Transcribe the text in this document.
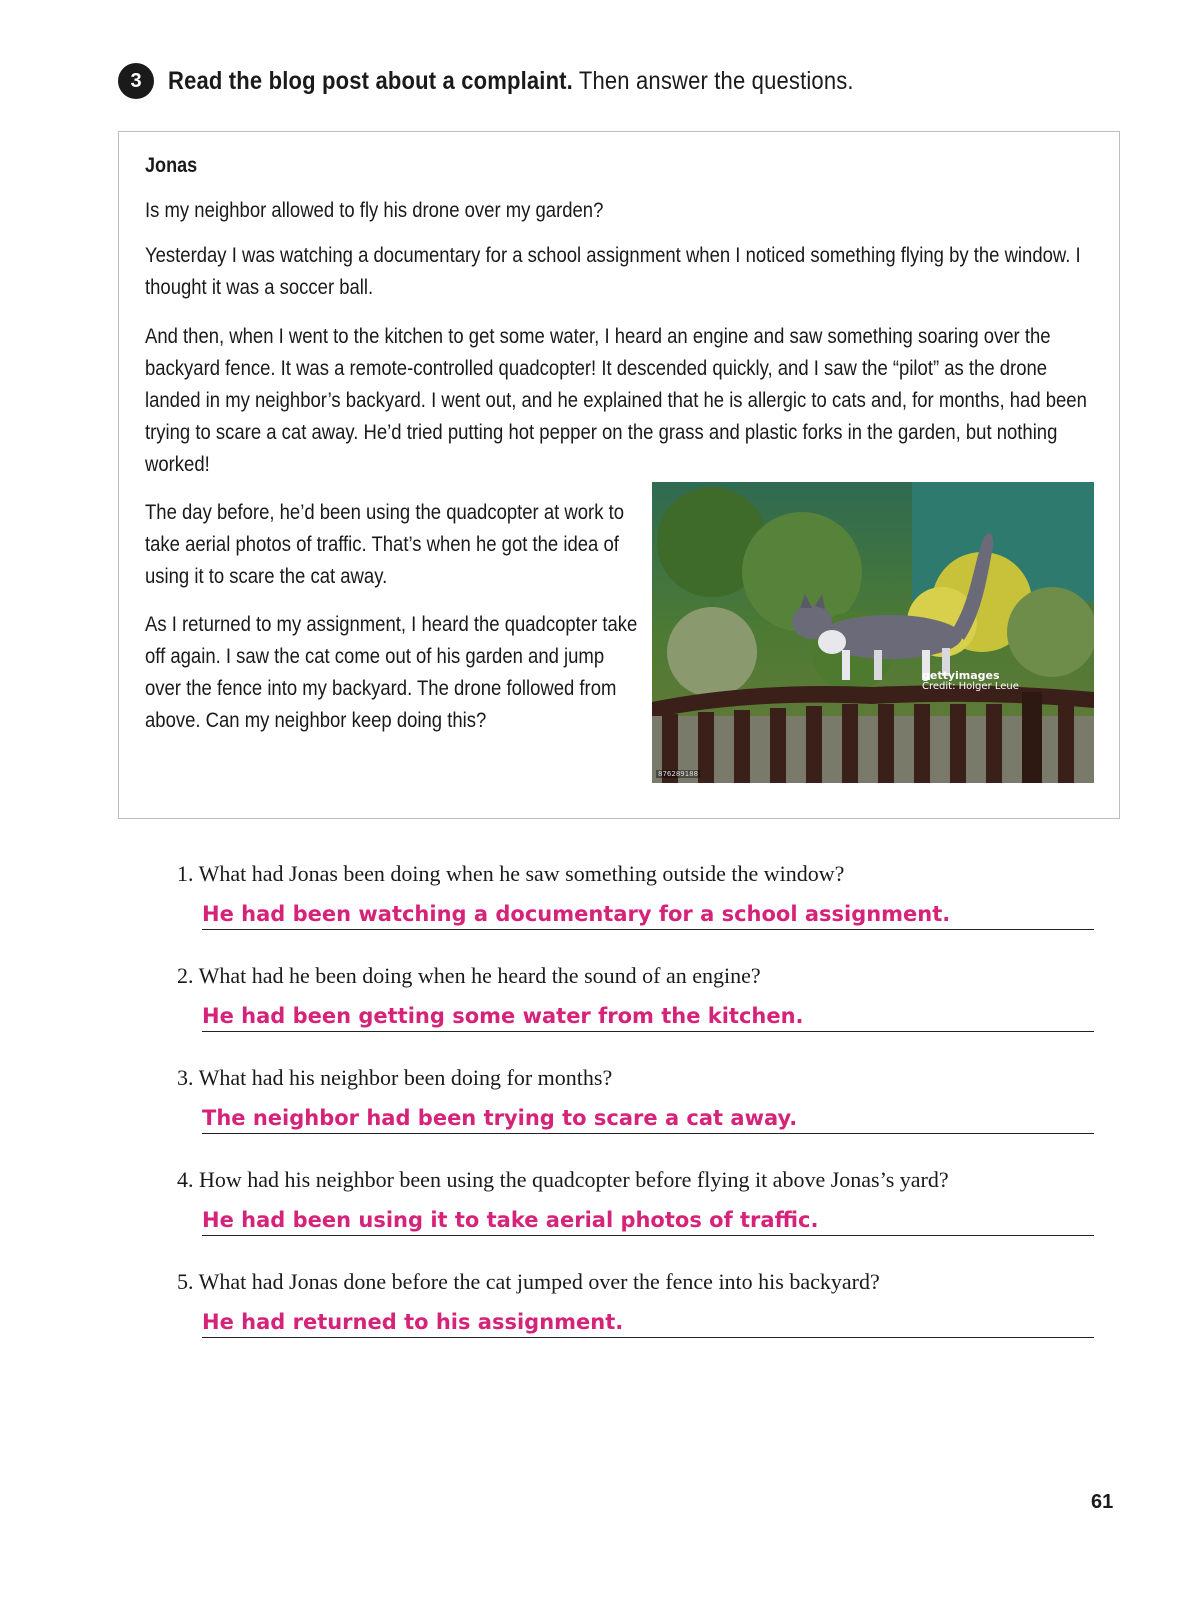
3	Read the blog post about a complaint. Then answer the questions.
Jonas
Is my neighbor allowed to fly his drone over my garden?
Yesterday I was watching a documentary for a school assignment when I noticed something flying by the window. I thought it was a soccer ball.
And then, when I went to the kitchen to get some water, I heard an engine and saw something soaring over the backyard fence. It was a remote-controlled quadcopter! It descended quickly, and I saw the “pilot” as the drone landed in my neighbor’s backyard. I went out, and he explained that he is allergic to cats and, for months, had been trying to scare a cat away. He’d tried putting hot pepper on the grass and plastic forks in the garden, but nothing worked!
The day before, he’d been using the quadcopter at work to take aerial photos of traffic. That’s when he got the idea of using it to scare the cat away.
As I returned to my assignment, I heard the quadcopter take off again. I saw the cat come out of his garden and jump over the fence into my backyard. The drone followed from above. Can my neighbor keep doing this?
gettyimages
Credit: Holger Leue
876289188
1. What had Jonas been doing when he saw something outside the window?
He had been watching a documentary for a school assignment.
2. What had he been doing when he heard the sound of an engine?
He had been getting some water from the kitchen.
3. What had his neighbor been doing for months?
The neighbor had been trying to scare a cat away.
4. How had his neighbor been using the quadcopter before flying it above Jonas’s yard?
He had been using it to take aerial photos of traffic.
5. What had Jonas done before the cat jumped over the fence into his backyard?
He had returned to his assignment.
61
